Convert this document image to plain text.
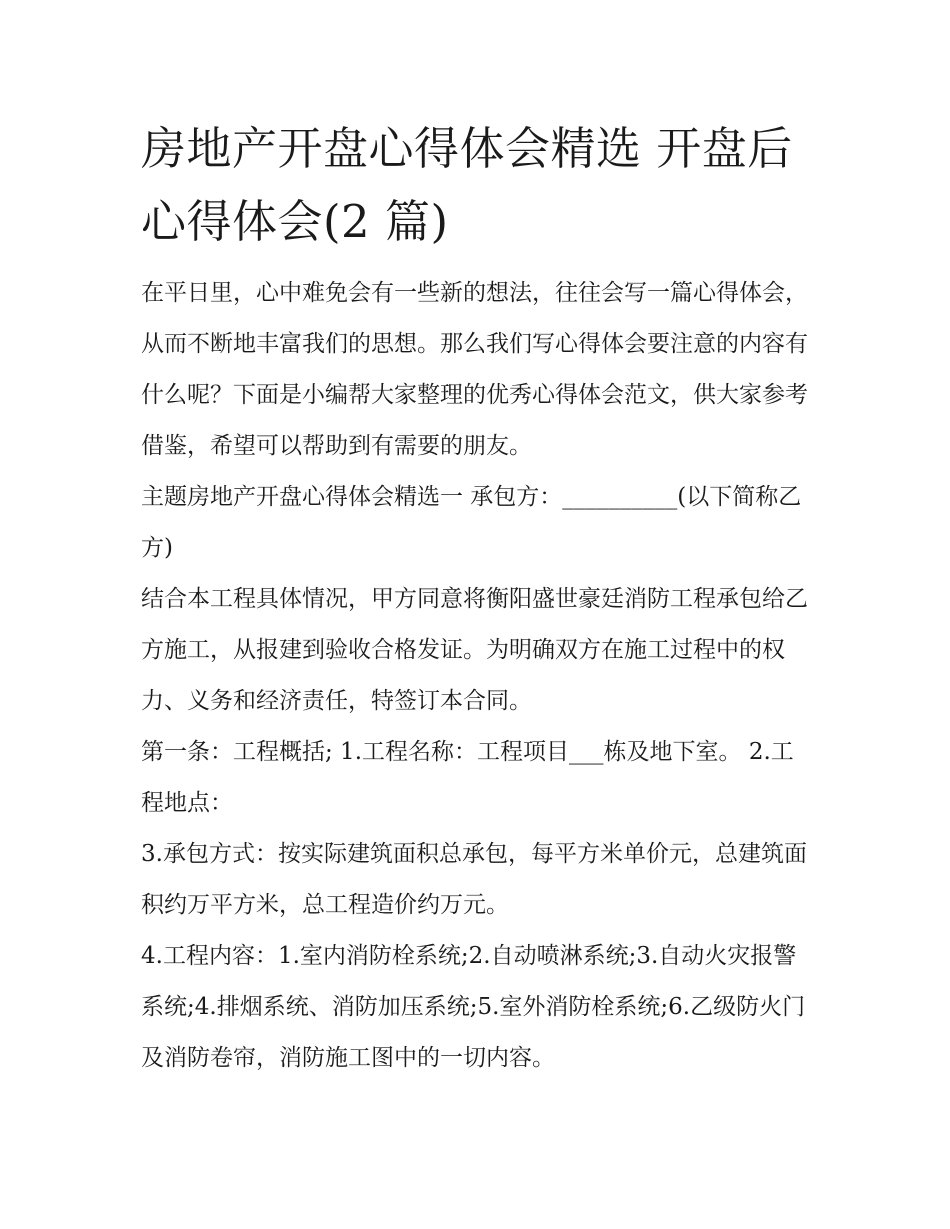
房地产开盘心得体会精选 开盘后心得体会(2 篇)

在平日里，心中难免会有一些新的想法，往往会写一篇心得体会，从而不断地丰富我们的思想。那么我们写心得体会要注意的内容有什么呢？下面是小编帮大家整理的优秀心得体会范文，供大家参考借鉴，希望可以帮助到有需要的朋友。

主题房地产开盘心得体会精选一 承包方：__________(以下简称乙方)

结合本工程具体情况，甲方同意将衡阳盛世豪廷消防工程承包给乙方施工，从报建到验收合格发证。为明确双方在施工过程中的权力、义务和经济责任，特签订本合同。

第一条：工程概括; 1.工程名称：工程项目___栋及地下室。 2.工程地点：

3.承包方式：按实际建筑面积总承包，每平方米单价元，总建筑面积约万平方米，总工程造价约万元。

4.工程内容：1.室内消防栓系统;2.自动喷淋系统;3.自动火灾报警系统;4.排烟系统、消防加压系统;5.室外消防栓系统;6.乙级防火门及消防卷帘，消防施工图中的一切内容。
